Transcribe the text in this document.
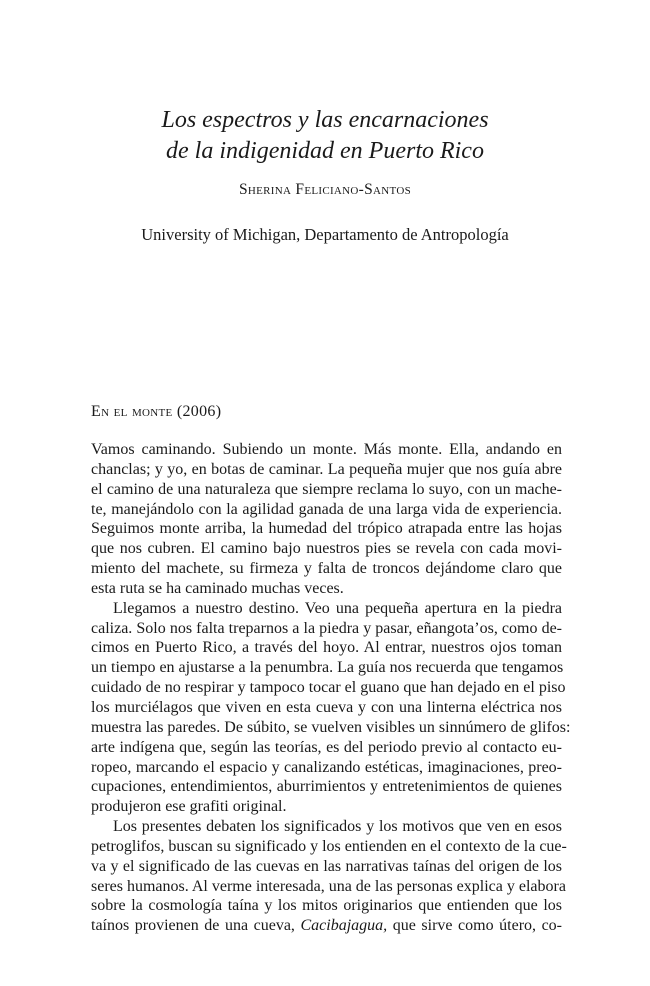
Los espectros y las encarnaciones
de la indigenidad en Puerto Rico
Sherina Feliciano-Santos
University of Michigan, Departamento de Antropología
En el monte (2006)
Vamos caminando. Subiendo un monte. Más monte. Ella, andando en
chanclas; y yo, en botas de caminar. La pequeña mujer que nos guía abre
el camino de una naturaleza que siempre reclama lo suyo, con un mache-
te, manejándolo con la agilidad ganada de una larga vida de experiencia.
Seguimos monte arriba, la humedad del trópico atrapada entre las hojas
que nos cubren. El camino bajo nuestros pies se revela con cada movi-
miento del machete, su firmeza y falta de troncos dejándome claro que
esta ruta se ha caminado muchas veces.
Llegamos a nuestro destino. Veo una pequeña apertura en la piedra
caliza. Solo nos falta treparnos a la piedra y pasar, eñangota’os, como de-
cimos en Puerto Rico, a través del hoyo. Al entrar, nuestros ojos toman
un tiempo en ajustarse a la penumbra. La guía nos recuerda que tengamos
cuidado de no respirar y tampoco tocar el guano que han dejado en el piso
los murciélagos que viven en esta cueva y con una linterna eléctrica nos
muestra las paredes. De súbito, se vuelven visibles un sinnúmero de glifos:
arte indígena que, según las teorías, es del periodo previo al contacto eu-
ropeo, marcando el espacio y canalizando estéticas, imaginaciones, preo-
cupaciones, entendimientos, aburrimientos y entretenimientos de quienes
produjeron ese grafiti original.
Los presentes debaten los significados y los motivos que ven en esos
petroglifos, buscan su significado y los entienden en el contexto de la cue-
va y el significado de las cuevas en las narrativas taínas del origen de los
seres humanos. Al verme interesada, una de las personas explica y elabora
sobre la cosmología taína y los mitos originarios que entienden que los
taínos provienen de una cueva, Cacibajagua, que sirve como útero, co-
